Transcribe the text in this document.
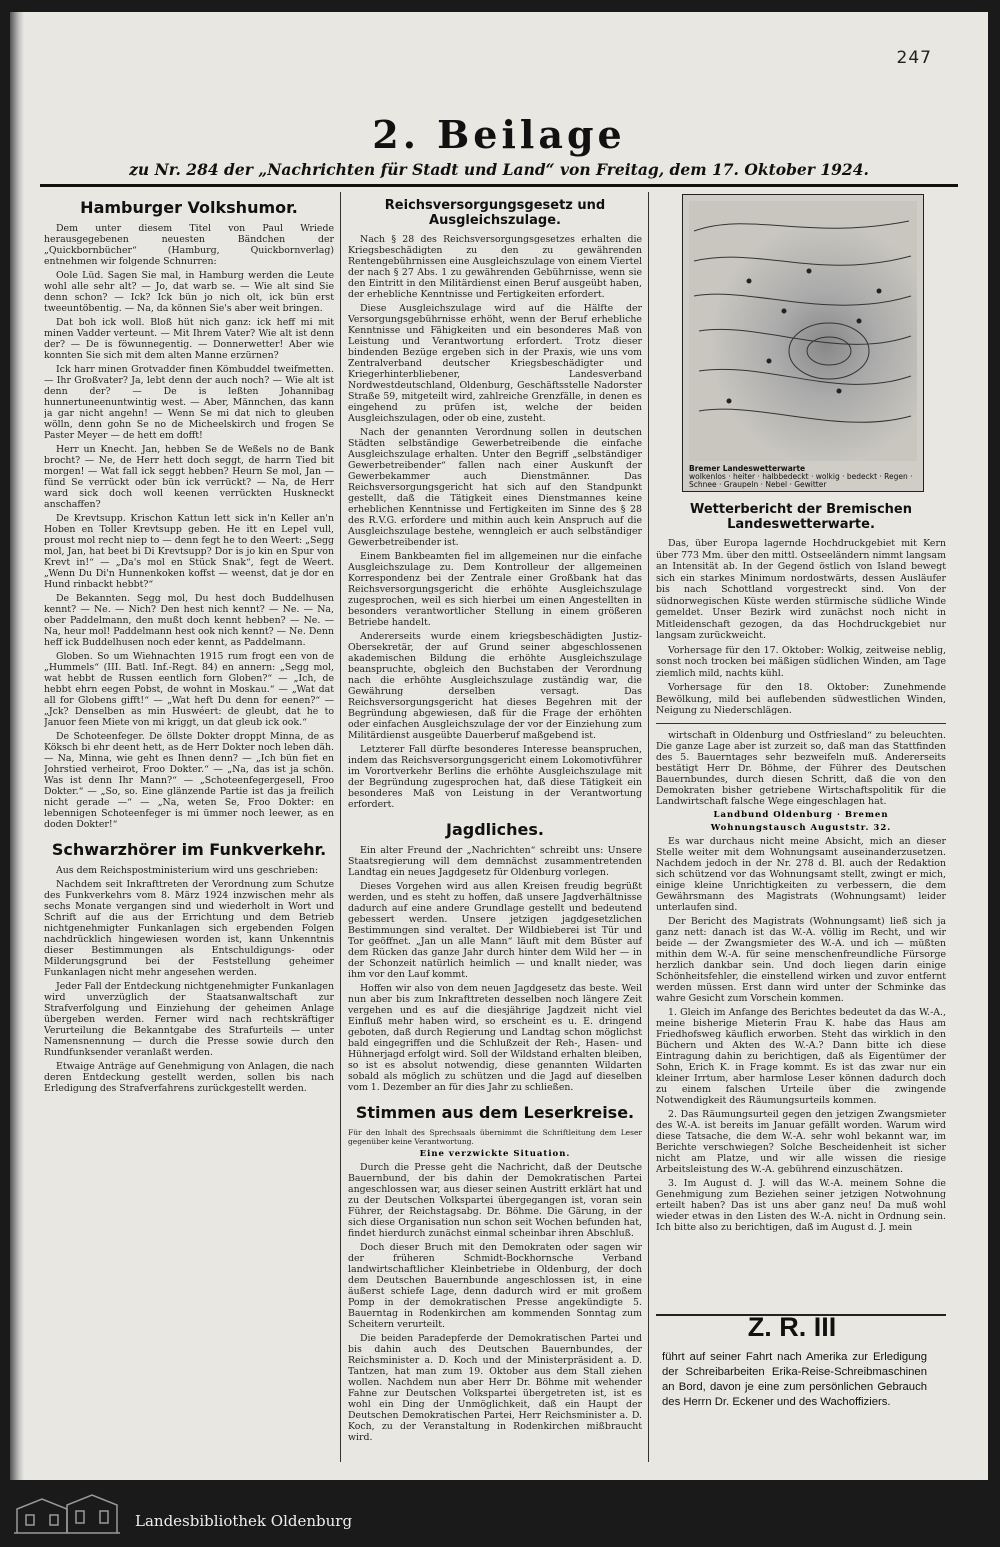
247
2. Beilage
zu Nr. 284 der „Nachrichten für Stadt und Land“ von Freitag, dem 17. Oktober 1924.
Hamburger Volkshumor.

Dem unter diesem Titel von Paul Wriede herausgegebenen neuesten Bändchen der „Quickbornbücher“ (Hamburg, Quickbornverlag) entnehmen wir folgende Schnurren:

Oole Lüd. Sagen Sie mal, in Hamburg werden die Leute wohl alle sehr alt? — Jo, dat warb se. — Wie alt sind Sie denn schon? — Ick? Ick bün jo nich olt, ick bün erst tweeuntöbentig. — Na, da können Sie's aber weit bringen.

Dat boh ick woll. Bloß hüt nich ganz: ick heff mi mit minen Vadder verteunt. — Mit Ihrem Vater? Wie alt ist denn der? — De is föwunnegentig. — Donnerwetter! Aber wie konnten Sie sich mit dem alten Manne erzürnen?

Ick harr minen Grotvadder finen Kömbuddel tweifmetten. — Ihr Großvater? Ja, lebt denn der auch noch? — Wie alt ist denn der? — De is leßten Johannibag hunnertuneenuntwintig west. — Aber, Männchen, das kann ja gar nicht angehn! — Wenn Se mi dat nich to gleuben wölln, denn gohn Se no de Micheelskirch und frogen Se Paster Meyer — de hett em dofft!

Herr un Knecht. Jan, hebben Se de Weßels no de Bank brocht? — Ne, de Herr hett doch seggt, de harrn Tied bit morgen! — Wat fall ick seggt hebben? Heurn Se mol, Jan — fünd Se verrückt oder bün ick verrückt? — Na, de Herr ward sick doch woll keenen verrückten Huskneckt anschaffen?

De Krevtsupp. Krischon Kattun lett sick in'n Keller an'n Hoben en Toller Krevtsupp geben. He itt en Lepel vull, proust mol recht niep to — denn fegt he to den Weert: „Segg mol, Jan, hat beet bi Di Krevtsupp? Dor is jo kin en Spur von Krevt in!“ — „Da's mol en Stück Snak“, fegt de Weert. „Wenn Du Di'n Hunnenkoken koffst — weenst, dat je dor en Hund rinbackt hebbt?“

De Bekannten. Segg mol, Du hest doch Buddelhusen kennt? — Ne. — Nich? Den hest nich kennt? — Ne. — Na, ober Paddelmann, den mußt doch kennt hebben? — Ne. — Na, heur mol! Paddelmann hest ook nich kennt? — Ne. Denn heff ick Buddelhusen noch eder kennt, as Paddelmann.

Globen. So um Wiehnachten 1915 rum frogt een von de „Hummels“ (III. Batl. Inf.-Regt. 84) en annern: „Segg mol, wat hebbt de Russen eentlich forn Globen?“ — „Ich, de hebbt ehrn eegen Pobst, de wohnt in Moskau.“ — „Wat dat all for Globens gifft!“ — „Wat heft Du denn for eenen?“ — „Jck? Denselben as min Huswéert: de gleubt, dat he to Januor feen Miete von mi kriggt, un dat gleub ick ook.“

De Schoteenfeger. De öllste Dokter droppt Minna, de as Köksch bi ehr deent hett, as de Herr Dokter noch leben däh. — Na, Minna, wie geht es Ihnen denn? — „Ich bün fiet en Johrstied verheirot, Froo Dokter.“ — „Na, das ist ja schön. Was ist denn Ihr Mann?“ — „Schoteenfegergesell, Froo Dokter.“ — „So, so. Eine glänzende Partie ist das ja freilich nicht gerade —“ — „Na, weten Se, Froo Dokter: en lebennigen Schoteenfeger is mi ümmer noch leewer, as en doden Dokter!“

Schwarzhörer im Funkverkehr.

Aus dem Reichspostministerium wird uns geschrieben:

Nachdem seit Inkrafttreten der Verordnung zum Schutze des Funkverkehrs vom 8. März 1924 inzwischen mehr als sechs Monate vergangen sind und wiederholt in Wort und Schrift auf die aus der Errichtung und dem Betrieb nichtgenehmigter Funkanlagen sich ergebenden Folgen nachdrücklich hingewiesen worden ist, kann Unkenntnis dieser Bestimmungen als Entschuldigungs- oder Milderungsgrund bei der Feststellung geheimer Funkanlagen nicht mehr angesehen werden.

Jeder Fall der Entdeckung nichtgenehmigter Funkanlagen wird unverzüglich der Staatsanwaltschaft zur Strafverfolgung und Einziehung der geheimen Anlage übergeben werden. Ferner wird nach rechtskräftiger Verurteilung die Bekanntgabe des Strafurteils — unter Namensnennung — durch die Presse sowie durch den Rundfunksender veranlaßt werden.

Etwaige Anträge auf Genehmigung von Anlagen, die nach deren Entdeckung gestellt werden, sollen bis nach Erledigung des Strafverfahrens zurückgestellt werden.

Reichsversorgungsgesetz und Ausgleichszulage.

Nach § 28 des Reichsversorgungsgesetzes erhalten die Kriegsbeschädigten zu den zu gewährenden Rentengebührnissen eine Ausgleichszulage von einem Viertel der nach § 27 Abs. 1 zu gewährenden Gebührnisse, wenn sie den Eintritt in den Militärdienst einen Beruf ausgeübt haben, der erhebliche Kenntnisse und Fertigkeiten erfordert.

Diese Ausgleichszulage wird auf die Hälfte der Versorgungsgebührnisse erhöht, wenn der Beruf erhebliche Kenntnisse und Fähigkeiten und ein besonderes Maß von Leistung und Verantwortung erfordert. Trotz dieser bindenden Bezüge ergeben sich in der Praxis, wie uns vom Zentralverband deutscher Kriegsbeschädigter und Kriegerhinterbliebener, Landesverband Nordwestdeutschland, Oldenburg, Geschäftsstelle Nadorster Straße 59, mitgeteilt wird, zahlreiche Grenzfälle, in denen es eingehend zu prüfen ist, welche der beiden Ausgleichszulagen, oder ob eine, zusteht.

Nach der genannten Verordnung sollen in deutschen Städten selbständige Gewerbetreibende die einfache Ausgleichszulage erhalten. Unter den Begriff „selbständiger Gewerbetreibender“ fallen nach einer Auskunft der Gewerbekammer auch Dienstmänner. Das Reichsversorgungsgericht hat sich auf den Standpunkt gestellt, daß die Tätigkeit eines Dienstmannes keine erheblichen Kenntnisse und Fertigkeiten im Sinne des § 28 des R.V.G. erfordere und mithin auch kein Anspruch auf die Ausgleichszulage bestehe, wenngleich er auch selbständiger Gewerbetreibender ist.

Einem Bankbeamten fiel im allgemeinen nur die einfache Ausgleichszulage zu. Dem Kontrolleur der allgemeinen Korrespondenz bei der Zentrale einer Großbank hat das Reichsversorgungsgericht die erhöhte Ausgleichszulage zugesprochen, weil es sich hierbei um einen Angestellten in besonders verantwortlicher Stellung in einem größeren Betriebe handelt.

Andererseits wurde einem kriegsbeschädigten Justiz-Obersekretär, der auf Grund seiner abgeschlossenen akademischen Bildung die erhöhte Ausgleichszulage beanspruchte, obgleich den Buchstaben der Verordnung nach die erhöhte Ausgleichszulage zuständig war, die Gewährung derselben versagt. Das Reichsversorgungsgericht hat dieses Begehren mit der Begründung abgewiesen, daß für die Frage der erhöhten oder einfachen Ausgleichszulage der vor der Einziehung zum Militärdienst ausgeübte Dauerberuf maßgebend ist.

Letzterer Fall dürfte besonderes Interesse beanspruchen, indem das Reichsversorgungsgericht einem Lokomotivführer im Vorortverkehr Berlins die erhöhte Ausgleichszulage mit der Begründung zugesprochen hat, daß diese Tätigkeit ein besonderes Maß von Leistung in der Verantwortung erfordert.

Jagdliches.

Ein alter Freund der „Nachrichten“ schreibt uns: Unsere Staatsregierung will dem demnächst zusammentretenden Landtag ein neues Jagdgesetz für Oldenburg vorlegen.

Dieses Vorgehen wird aus allen Kreisen freudig begrüßt werden, und es steht zu hoffen, daß unsere Jagdverhältnisse dadurch auf eine andere Grundlage gestellt und bedeutend gebessert werden. Unsere jetzigen jagdgesetzlichen Bestimmungen sind veraltet. Der Wildbieberei ist Tür und Tor geöffnet. „Jan un alle Mann“ läuft mit dem Büster auf dem Rücken das ganze Jahr durch hinter dem Wild her — in der Schonzeit natürlich heimlich — und knallt nieder, was ihm vor den Lauf kommt.

Hoffen wir also von dem neuen Jagdgesetz das beste. Weil nun aber bis zum Inkrafttreten desselben noch längere Zeit vergehen und es auf die diesjährige Jagdzeit nicht viel Einfluß mehr haben wird, so erscheint es u. E. dringend geboten, daß durch Regierung und Landtag schon möglichst bald eingegriffen und die Schlußzeit der Reh-, Hasen- und Hühnerjagd erfolgt wird. Soll der Wildstand erhalten bleiben, so ist es absolut notwendig, diese genannten Wildarten sobald als möglich zu schützen und die Jagd auf dieselben vom 1. Dezember an für dies Jahr zu schließen.

Stimmen aus dem Leserkreise.

Für den Inhalt des Sprechsaals übernimmt die Schriftleitung dem Leser gegenüber keine Verantwortung.

Eine verzwickte Situation.

Durch die Presse geht die Nachricht, daß der Deutsche Bauernbund, der bis dahin der Demokratischen Partei angeschlossen war, aus dieser seinen Austritt erklärt hat und zu der Deutschen Volkspartei übergegangen ist, voran sein Führer, der Reichstagsabg. Dr. Böhme. Die Gärung, in der sich diese Organisation nun schon seit Wochen befunden hat, findet hierdurch zunächst einmal scheinbar ihren Abschluß.

Doch dieser Bruch mit den Demokraten oder sagen wir der früheren Schmidt-Bockhornsche Verband landwirtschaftlicher Kleinbetriebe in Oldenburg, der doch dem Deutschen Bauernbunde angeschlossen ist, in eine äußerst schiefe Lage, denn dadurch wird er mit großem Pomp in der demokratischen Presse angekündigte 5. Bauerntag in Rodenkirchen am kommenden Sonntag zum Scheitern verurteilt.

Die beiden Paradepferde der Demokratischen Partei und bis dahin auch des Deutschen Bauernbundes, der Reichsminister a. D. Koch und der Ministerpräsident a. D. Tantzen, hat man zum 19. Oktober aus dem Stall ziehen wollen. Nachdem nun aber Herr Dr. Böhme mit wehender Fahne zur Deutschen Volkspartei übergetreten ist, ist es wohl ein Ding der Unmöglichkeit, daß ein Haupt der Deutschen Demokratischen Partei, Herr Reichsminister a. D. Koch, zu der Veranstaltung in Rodenkirchen mißbraucht wird.

Bremer Landeswetterwarte
wolkenlos · heiter · halbbedeckt · wolkig · bedeckt · Regen · Schnee · Graupeln · Nebel · Gewitter
Wetterbericht der Bremischen Landeswetterwarte.

Das, über Europa lagernde Hochdruckgebiet mit Kern über 773 Mm. über den mittl. Ostseeländern nimmt langsam an Intensität ab. In der Gegend östlich von Island bewegt sich ein starkes Minimum nordostwärts, dessen Ausläufer bis nach Schottland vorgestreckt sind. Von der südnorwegischen Küste werden stürmische südliche Winde gemeldet. Unser Bezirk wird zunächst noch nicht in Mitleidenschaft gezogen, da das Hochdruckgebiet nur langsam zurückweicht.

Vorhersage für den 17. Oktober: Wolkig, zeitweise neblig, sonst noch trocken bei mäßigen südlichen Winden, am Tage ziemlich mild, nachts kühl.

Vorhersage für den 18. Oktober: Zunehmende Bewölkung, mild bei auflebenden südwestlichen Winden, Neigung zu Niederschlägen.

wirtschaft in Oldenburg und Ostfriesland“ zu beleuchten. Die ganze Lage aber ist zurzeit so, daß man das Stattfinden des 5. Bauerntages sehr bezweifeln muß. Andererseits bestätigt Herr Dr. Böhme, der Führer des Deutschen Bauernbundes, durch diesen Schritt, daß die von den Demokraten bisher getriebene Wirtschaftspolitik für die Landwirtschaft falsche Wege eingeschlagen hat.

Landbund Oldenburg · Bremen
Wohnungstausch Auguststr. 32.

Es war durchaus nicht meine Absicht, mich an dieser Stelle weiter mit dem Wohnungsamt auseinanderzusetzen. Nachdem jedoch in der Nr. 278 d. Bl. auch der Redaktion sich schützend vor das Wohnungsamt stellt, zwingt er mich, einige kleine Unrichtigkeiten zu verbessern, die dem Gewährsmann des Magistrats (Wohnungsamt) leider unterlaufen sind.

Der Bericht des Magistrats (Wohnungsamt) ließ sich ja ganz nett: danach ist das W.-A. völlig im Recht, und wir beide — der Zwangsmieter des W.-A. und ich — müßten mithin dem W.-A. für seine menschenfreundliche Fürsorge herzlich dankbar sein. Und doch liegen darin einige Schönheitsfehler, die einstellend wirken und zuvor entfernt werden müssen. Erst dann wird unter der Schminke das wahre Gesicht zum Vorschein kommen.

1. Gleich im Anfange des Berichtes bedeutet da das W.-A., meine bisherige Mieterin Frau K. habe das Haus am Friedhofsweg käuflich erworben. Steht das wirklich in den Büchern und Akten des W.-A.? Dann bitte ich diese Eintragung dahin zu berichtigen, daß als Eigentümer der Sohn, Erich K. in Frage kommt. Es ist das zwar nur ein kleiner Irrtum, aber harmlose Leser können dadurch doch zu einem falschen Urteile über die zwingende Notwendigkeit des Räumungsurteils kommen.

2. Das Räumungsurteil gegen den jetzigen Zwangsmieter des W.-A. ist bereits im Januar gefällt worden. Warum wird diese Tatsache, die dem W.-A. sehr wohl bekannt war, im Berichte verschwiegen? Solche Bescheidenheit ist sicher nicht am Platze, und wir alle wissen die riesige Arbeitsleistung des W.-A. gebührend einzuschätzen.

3. Im August d. J. will das W.-A. meinem Sohne die Genehmigung zum Beziehen seiner jetzigen Notwohnung erteilt haben? Das ist uns aber ganz neu! Da muß wohl wieder etwas in den Listen des W.-A. nicht in Ordnung sein. Ich bitte also zu berichtigen, daß im August d. J. mein

Z. R. III
führt auf seiner Fahrt nach Amerika zur Erledigung der Schreibarbeiten Erika-Reise-Schreibmaschinen an Bord, davon je eine zum persönlichen Gebrauch des Herrn Dr. Eckener und des Wachoffiziers.
Landesbibliothek Oldenburg
